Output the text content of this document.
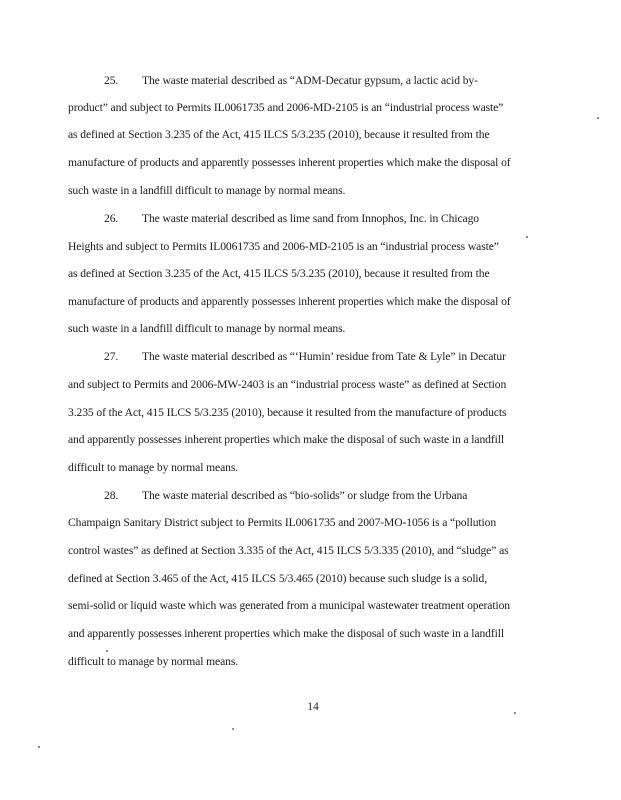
25. The waste material described as “ADM-Decatur gypsum, a lactic acid by-
product” and subject to Permits IL0061735 and 2006-MD-2105 is an “industrial process waste”
as defined at Section 3.235 of the Act, 415 ILCS 5/3.235 (2010), because it resulted from the
manufacture of products and apparently possesses inherent properties which make the disposal of
such waste in a landfill difficult to manage by normal means.
26. The waste material described as lime sand from Innophos, Inc. in Chicago
Heights and subject to Permits IL0061735 and 2006-MD-2105 is an “industrial process waste”
as defined at Section 3.235 of the Act, 415 ILCS 5/3.235 (2010), because it resulted from the
manufacture of products and apparently possesses inherent properties which make the disposal of
such waste in a landfill difficult to manage by normal means.
27. The waste material described as “‘Humin’ residue from Tate & Lyle” in Decatur
and subject to Permits and 2006-MW-2403 is an “industrial process waste” as defined at Section
3.235 of the Act, 415 ILCS 5/3.235 (2010), because it resulted from the manufacture of products
and apparently possesses inherent properties which make the disposal of such waste in a landfill
difficult to manage by normal means.
28. The waste material described as “bio-solids” or sludge from the Urbana
Champaign Sanitary District subject to Permits IL0061735 and 2007-MO-1056 is a “pollution
control wastes” as defined at Section 3.335 of the Act, 415 ILCS 5/3.335 (2010), and “sludge” as
defined at Section 3.465 of the Act, 415 ILCS 5/3.465 (2010) because such sludge is a solid,
semi-solid or liquid waste which was generated from a municipal wastewater treatment operation
and apparently possesses inherent properties which make the disposal of such waste in a landfill
difficult to manage by normal means.
14
